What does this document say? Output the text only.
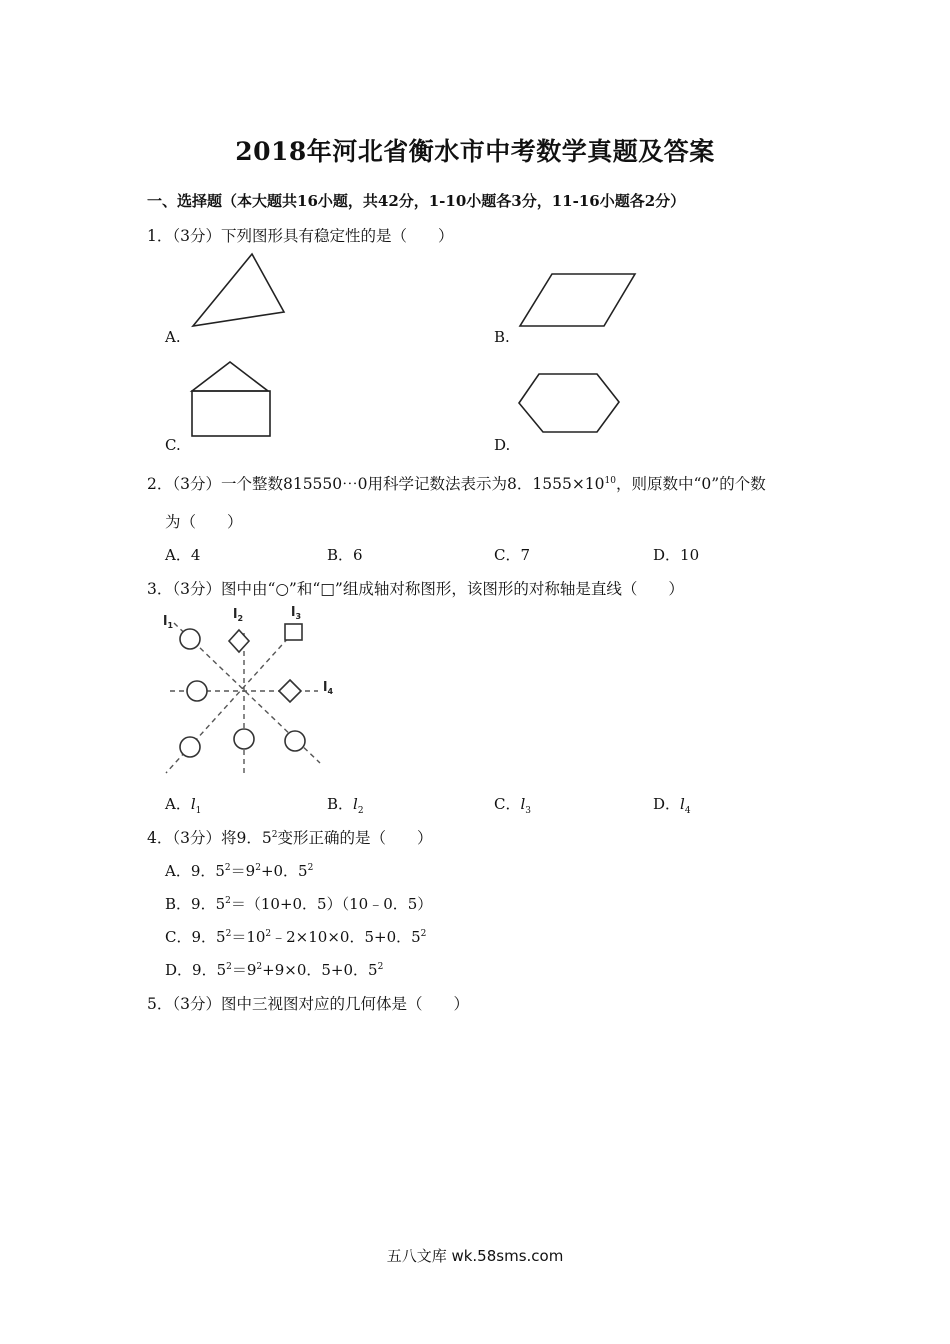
2018年河北省衡水市中考数学真题及答案
一、选择题（本大题共16小题，共42分，1-10小题各3分，11-16小题各2分）
1．（3分）下列图形具有稳定性的是（　　）
A.	B.
C.	D.
2．（3分）一个整数815550⋯0用科学记数法表示为8．$1555\times 10^{10}$，则原数中“0”的个数
为（　　）
A．4	B．6	C．7	D．10
3．（3分）图中由“○”和“□”组成轴对称图形，该图形的对称轴是直线（　　）
$l_1$
$l_2$	$l_3$
$l_4$
A．$l_1$	B．$l_2$	C．$l_3$	D．$l_4$
4．（3分）将9．$5^2$变形正确的是（　　）
A．9．$5^2=9^2+0$．$5^2$
B．9．$5^2=(10+0$．5）（10﹣0．5）
C．9．$5^2=10^2﹣2\times 10\times 0$．5+0．$5^2$
D．9．$5^2=9^2+9\times 0$．5+0．$5^2$
5．（3分）图中三视图对应的几何体是（　　）
五八文库 wk.58sms.com
